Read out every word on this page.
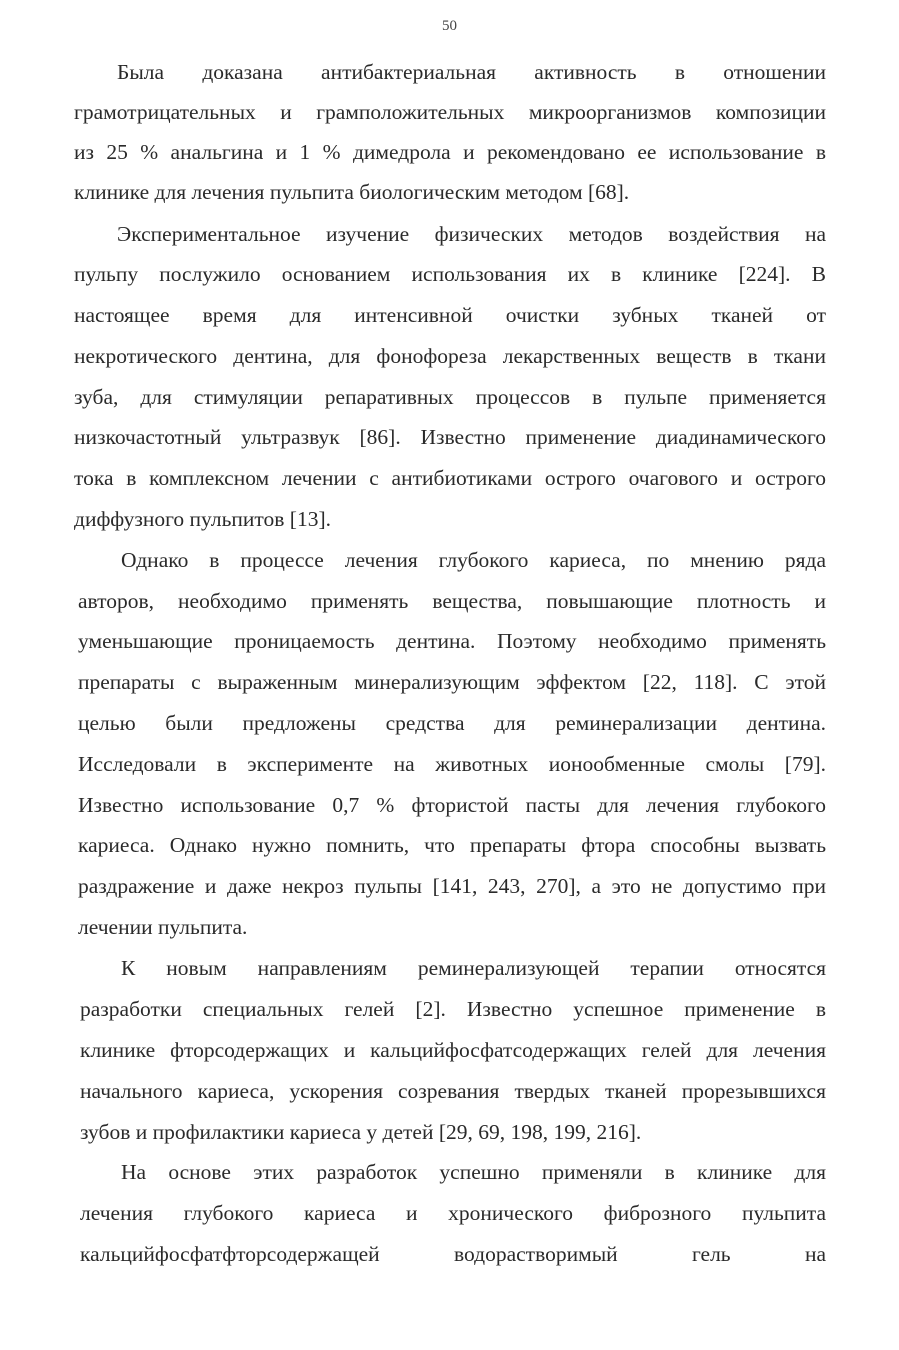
50
Была доказана антибактериальная активность в отношении
грамотрицательных и грамположительных микроорганизмов композиции
из 25 % анальгина и 1 % димедрола и рекомендовано ее использование в
клинике для лечения пульпита биологическим методом [68].
Экспериментальное изучение физических методов воздействия на
пульпу послужило основанием использования их в клинике [224]. В
настоящее время для интенсивной очистки зубных тканей от
некротического дентина, для фонофореза лекарственных веществ в ткани
зуба, для стимуляции репаративных процессов в пульпе применяется
низкочастотный ультразвук [86]. Известно применение диадинамического
тока в комплексном лечении с антибиотиками острого очагового и острого
диффузного пульпитов [13].
Однако в процессе лечения глубокого кариеса, по мнению ряда
авторов, необходимо применять вещества, повышающие плотность и
уменьшающие проницаемость дентина. Поэтому необходимо применять
препараты с выраженным минерализующим эффектом [22, 118]. С этой
целью были предложены средства для реминерализации дентина.
Исследовали в эксперименте на животных ионообменные смолы [79].
Известно использование 0,7 % фтористой пасты для лечения глубокого
кариеса. Однако нужно помнить, что препараты фтора способны вызвать
раздражение и даже некроз пульпы [141, 243, 270], а это не допустимо при
лечении пульпита.
К новым направлениям реминерализующей терапии относятся
разработки специальных гелей [2]. Известно успешное применение в
клинике фторсодержащих и кальцийфосфатсодержащих гелей для лечения
начального кариеса, ускорения созревания твердых тканей прорезывшихся
зубов и профилактики кариеса у детей [29, 69, 198, 199, 216].
На основе этих разработок успешно применяли в клинике для
лечения глубокого кариеса и хронического фиброзного пульпита
кальцийфосфатфторсодержащей водорастворимый гель на
